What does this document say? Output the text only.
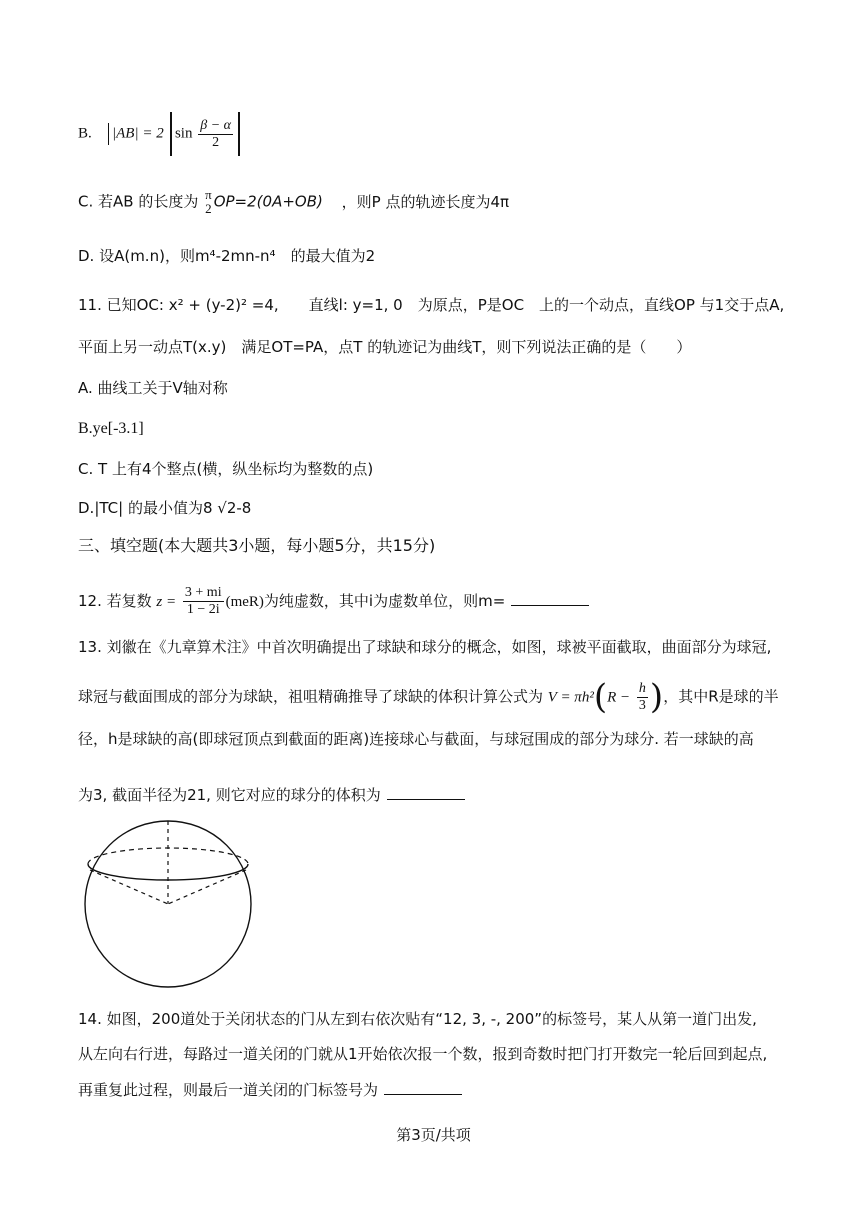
B. |AB| = 2 $\sin \frac{\beta - \alpha}{2}$
C. 若AB 的长度为 π
2 OP=2(0A+OB) ，则P 点的轨迹长度为4π
D. 设A(m.n)，则m⁴-2mn-n⁴　的最大值为2
11. 已知OC: x² + (y-2)² =4,　　直线l: y=1, 0　为原点，P是OC　上的一个动点，直线OP 与1交于点A,
平面上另一动点T(x.y)　满足OT=PA，点T 的轨迹记为曲线T，则下列说法正确的是（　　）
A. 曲线工关于V轴对称
B.ye[-3.1]
C. T 上有4个整点(横，纵坐标均为整数的点)
D.|TC| 的最小值为8 √2-8
三、填空题(本大题共3小题，每小题5分，共15分)
12. 若复数 $z = \frac{3 + mi}{1 - 2i} (meR)$为纯虚数，其中i为虚数单位，则m=
13. 刘徽在《九章算术注》中首次明确提出了球缺和球分的概念，如图，球被平面截取，曲面部分为球冠,
球冠与截面围成的部分为球缺，祖咀精确推导了球缺的体积计算公式为 $V = \pi h^2(R - \frac{h}{3}$ )，其中R是球的半
径，h是球缺的高(即球冠顶点到截面的距离)连接球心与截面，与球冠围成的部分为球分. 若一球缺的高
为3, 截面半径为21, 则它对应的球分的体积为
14. 如图，200道处于关闭状态的门从左到右依次贴有“12, 3, -, 200”的标签号，某人从第一道门出发,
从左向右行进，每路过一道关闭的门就从1开始依次报一个数，报到奇数时把门打开数完一轮后回到起点,
再重复此过程，则最后一道关闭的门标签号为
第3页/共项
